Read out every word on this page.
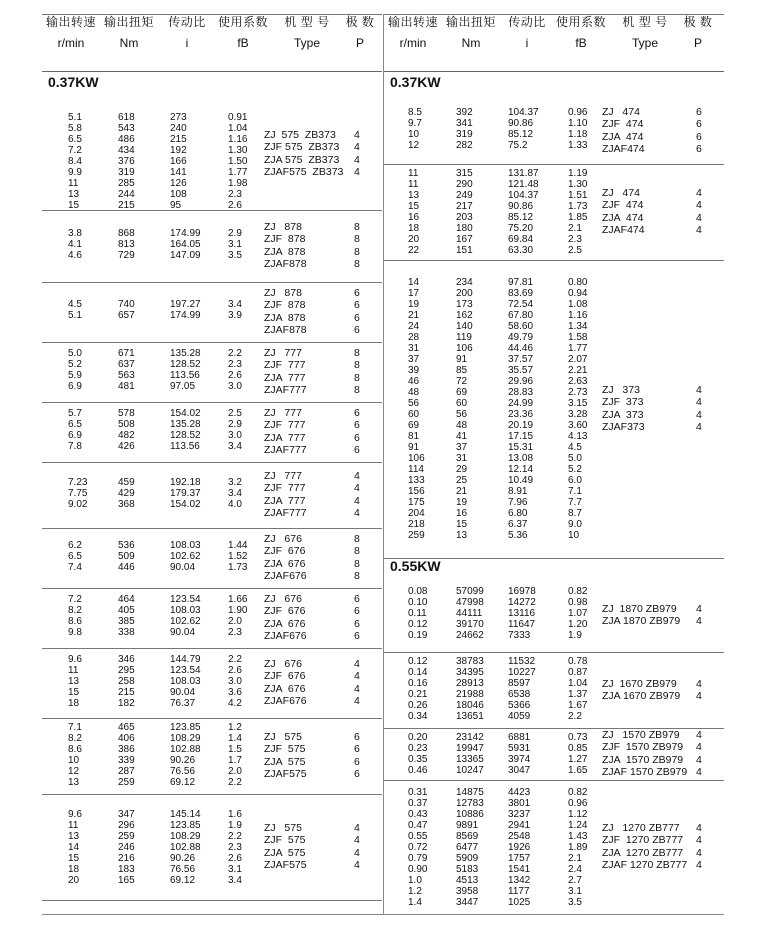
输出转速
r/min
输出扭矩
Nm
传动比
i
使用系数
fB
机 型 号
Type
极 数
P
0.37KW
5.1
5.8
6.5
7.2
8.4
9.9
11
13
15
618
543
486
434
376
319
285
244
215
273
240
215
192
166
141
126
108
95
0.91
1.04
1.16
1.30
1.50
1.77
1.98
2.3
2.6
ZJ  575  ZB373
ZJF 575  ZB373
ZJA 575  ZB373
ZJAF575  ZB373
4
4
4
4
3.8
4.1
4.6
868
813
729
174.99
164.05
147.09
2.9
3.1
3.5
ZJ   878
ZJF  878
ZJA  878
ZJAF878
8
8
8
8
4.5
5.1
740
657
197.27
174.99
3.4
3.9
ZJ   878
ZJF  878
ZJA  878
ZJAF878
6
6
6
6
5.0
5.2
5.9
6.9
671
637
563
481
135.28
128.52
113.56
97.05
2.2
2.3
2.6
3.0
ZJ   777
ZJF  777
ZJA  777
ZJAF777
8
8
8
8
5.7
6.5
6.9
7.8
578
508
482
426
154.02
135.28
128.52
113.56
2.5
2.9
3.0
3.4
ZJ   777
ZJF  777
ZJA  777
ZJAF777
6
6
6
6
7.23
7.75
9.02
459
429
368
192.18
179.37
154.02
3.2
3.4
4.0
ZJ   777
ZJF  777
ZJA  777
ZJAF777
4
4
4
4
6.2
6.5
7.4
536
509
446
108.03
102.62
90.04
1.44
1.52
1.73
ZJ   676
ZJF  676
ZJA  676
ZJAF676
8
8
8
8
7.2
8.2
8.6
9.8
464
405
385
338
123.54
108.03
102.62
90.04
1.66
1.90
2.0
2.3
ZJ   676
ZJF  676
ZJA  676
ZJAF676
6
6
6
6
9.6
11
13
15
18
346
295
258
215
182
144.79
123.54
108.03
90.04
76.37
2.2
2.6
3.0
3.6
4.2
ZJ   676
ZJF  676
ZJA  676
ZJAF676
4
4
4
4
7.1
8.2
8.6
10
12
13
465
406
386
339
287
259
123.85
108.29
102.88
90.26
76.56
69.12
1.2
1.4
1.5
1.7
2.0
2.2
ZJ   575
ZJF  575
ZJA  575
ZJAF575
6
6
6
6
9.6
11
13
14
15
18
20
347
296
259
246
216
183
165
145.14
123.85
108.29
102.88
90.26
76.56
69.12
1.6
1.9
2.2
2.3
2.6
3.1
3.4
ZJ   575
ZJF  575
ZJA  575
ZJAF575
4
4
4
4
输出转速
r/min
输出扭矩
Nm
传动比
i
使用系数
fB
机 型 号
Type
极 数
P
0.37KW
0.55KW
8.5
9.7
10
12
392
341
319
282
104.37
90.86
85.12
75.2
0.96
1.10
1.18
1.33
ZJ   474
ZJF  474
ZJA  474
ZJAF474
6
6
6
6
11
11
13
15
16
18
20
22
315
290
249
217
203
180
167
151
131.87
121.48
104.37
90.86
85.12
75.20
69.84
63.30
1.19
1.30
1.51
1.73
1.85
2.1
2.3
2.5
ZJ   474
ZJF  474
ZJA  474
ZJAF474
4
4
4
4
14
17
19
21
24
28
31
37
39
46
48
56
60
69
81
91
106
114
133
156
175
204
218
259
234
200
173
162
140
119
106
91
85
72
69
60
56
48
41
37
31
29
25
21
19
16
15
13
97.81
83.69
72.54
67.80
58.60
49.79
44.46
37.57
35.57
29.96
28.83
24.99
23.36
20.19
17.15
15.31
13.08
12.14
10.49
8.91
7.96
6.80
6.37
5.36
0.80
0.94
1.08
1.16
1.34
1.58
1.77
2.07
2.21
2.63
2.73
3.15
3.28
3.60
4.13
4.5
5.0
5.2
6.0
7.1
7.7
8.7
9.0
10
ZJ   373
ZJF  373
ZJA  373
ZJAF373
4
4
4
4
0.08
0.10
0.11
0.12
0.19
57099
47998
44111
39170
24662
16978
14272
13116
11647
7333
0.82
0.98
1.07
1.20
1.9
ZJ  1870 ZB979
ZJA 1870 ZB979
4
4
0.12
0.14
0.16
0.21
0.26
0.34
38783
34395
28913
21988
18046
13651
11532
10227
8597
6538
5366
4059
0.78
0.87
1.04
1.37
1.67
2.2
ZJ  1670 ZB979
ZJA 1670 ZB979
4
4
0.20
0.23
0.35
0.46
23142
19947
13365
10247
6881
5931
3974
3047
0.73
0.85
1.27
1.65
ZJ   1570 ZB979
ZJF  1570 ZB979
ZJA  1570 ZB979
ZJAF 1570 ZB979
4
4
4
4
0.31
0.37
0.43
0.47
0.55
0.72
0.79
0.90
1.0
1.2
1.4
14875
12783
10886
9891
8569
6477
5909
5183
4513
3958
3447
4423
3801
3237
2941
2548
1926
1757
1541
1342
1177
1025
0.82
0.96
1.12
1.24
1.43
1.89
2.1
2.4
2.7
3.1
3.5
ZJ   1270 ZB777
ZJF  1270 ZB777
ZJA  1270 ZB777
ZJAF 1270 ZB777
4
4
4
4
